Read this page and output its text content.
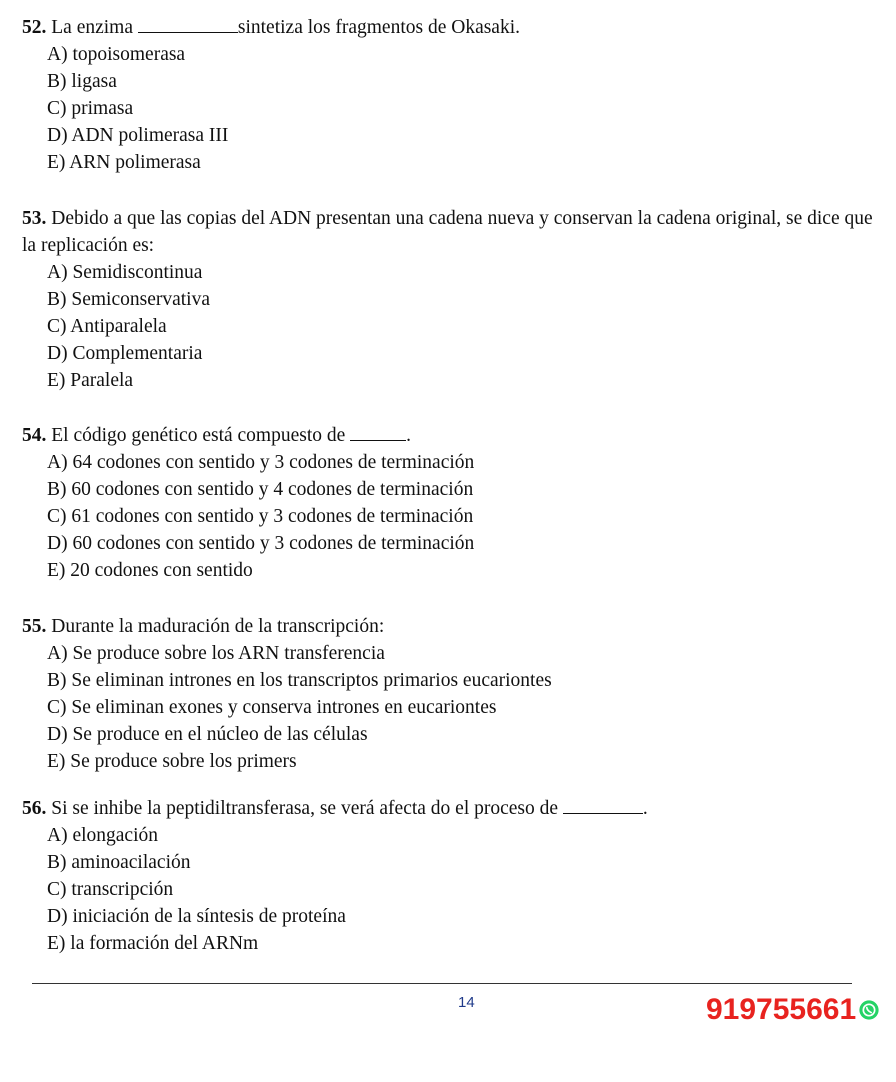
52. La enzima	sintetiza los fragmentos de Okasaki.

A) topoisomerasa
B) ligasa
C) primasa
D) ADN polimerasa III
E) ARN polimerasa

53. Debido a que las copias del ADN presentan una cadena nueva y conservan la cadena original, se dice que la replicación es:

A) Semidiscontinua
B) Semiconservativa
C) Antiparalela
D) Complementaria
E) Paralela

54. El código genético está compuesto de	.

A) 64 codones con sentido y 3 codones de terminación
B) 60 codones con sentido y 4 codones de terminación
C) 61 codones con sentido y 3 codones de terminación
D) 60 codones con sentido y 3 codones de terminación
E) 20 codones con sentido

55. Durante la maduración de la transcripción:

A) Se produce sobre los ARN transferencia
B) Se eliminan intrones en los transcriptos primarios eucariontes
C) Se eliminan exones y conserva intrones en eucariontes
D) Se produce en el núcleo de las células
E) Se produce sobre los primers

56. Si se inhibe la peptidiltransferasa, se verá afecta do el proceso de	.

A) elongación
B) aminoacilación
C) transcripción
D) iniciación de la síntesis de proteína
E) la formación del ARNm
14	919755661
